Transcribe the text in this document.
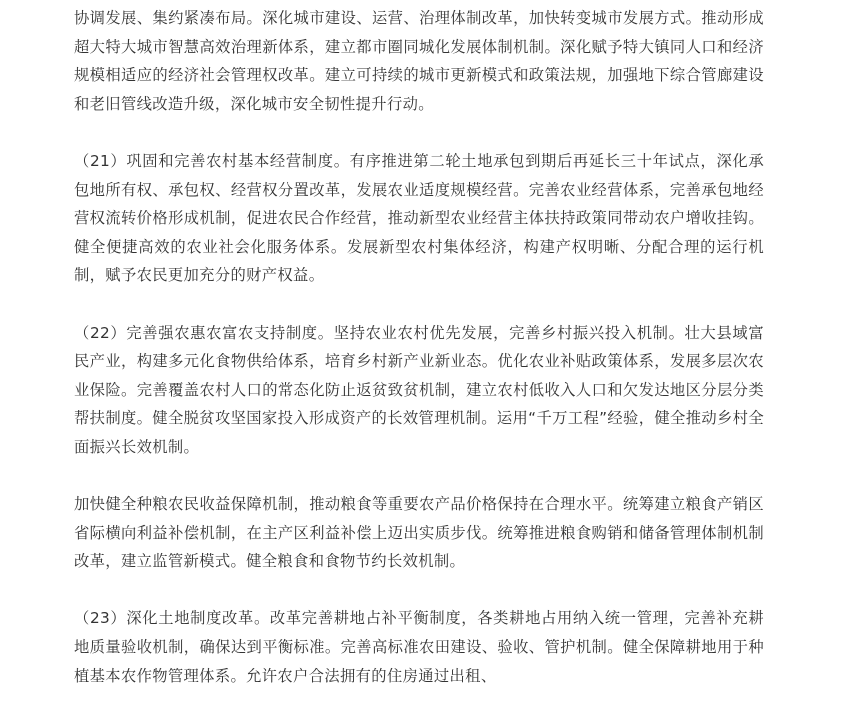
协调发展、集约紧凑布局。深化城市建设、运营、治理体制改革，加快转变城市发展方式。推动形成超大特大城市智慧高效治理新体系，建立都市圈同城化发展体制机制。深化赋予特大镇同人口和经济规模相适应的经济社会管理权改革。建立可持续的城市更新模式和政策法规，加强地下综合管廊建设和老旧管线改造升级，深化城市安全韧性提升行动。

（21）巩固和完善农村基本经营制度。有序推进第二轮土地承包到期后再延长三十年试点，深化承包地所有权、承包权、经营权分置改革，发展农业适度规模经营。完善农业经营体系，完善承包地经营权流转价格形成机制，促进农民合作经营，推动新型农业经营主体扶持政策同带动农户增收挂钩。健全便捷高效的农业社会化服务体系。发展新型农村集体经济，构建产权明晰、分配合理的运行机制，赋予农民更加充分的财产权益。

（22）完善强农惠农富农支持制度。坚持农业农村优先发展，完善乡村振兴投入机制。壮大县域富民产业，构建多元化食物供给体系，培育乡村新产业新业态。优化农业补贴政策体系，发展多层次农业保险。完善覆盖农村人口的常态化防止返贫致贫机制，建立农村低收入人口和欠发达地区分层分类帮扶制度。健全脱贫攻坚国家投入形成资产的长效管理机制。运用“千万工程”经验，健全推动乡村全面振兴长效机制。

加快健全种粮农民收益保障机制，推动粮食等重要农产品价格保持在合理水平。统筹建立粮食产销区省际横向利益补偿机制，在主产区利益补偿上迈出实质步伐。统筹推进粮食购销和储备管理体制机制改革，建立监管新模式。健全粮食和食物节约长效机制。

（23）深化土地制度改革。改革完善耕地占补平衡制度，各类耕地占用纳入统一管理，完善补充耕地质量验收机制，确保达到平衡标准。完善高标准农田建设、验收、管护机制。健全保障耕地用于种植基本农作物管理体系。允许农户合法拥有的住房通过出租、
